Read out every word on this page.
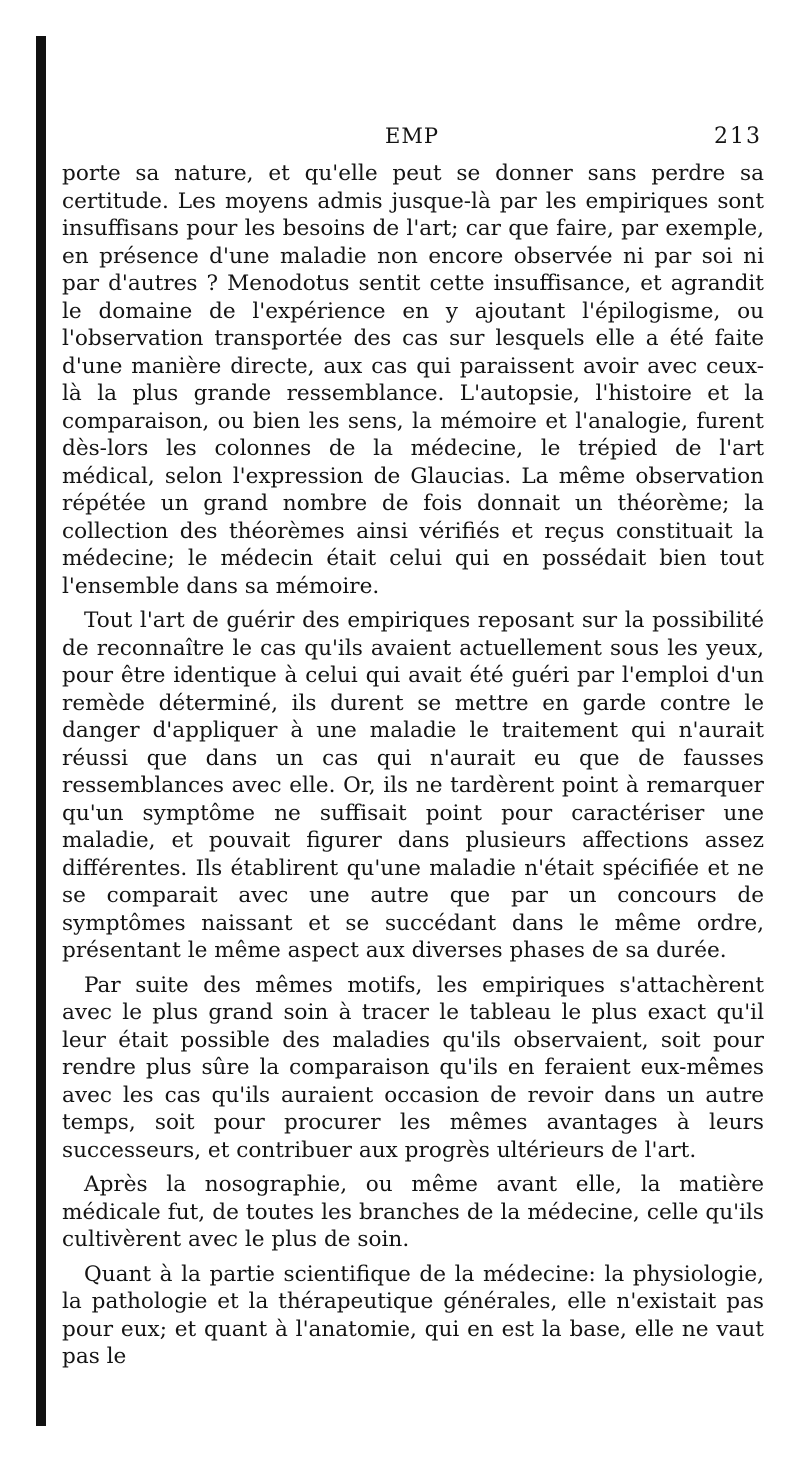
EMP	213

porte sa nature, et qu'elle peut se donner sans perdre sa certitude. Les moyens admis jusque-là par les empiriques sont insuffisans pour les besoins de l'art; car que faire, par exemple, en présence d'une maladie non encore observée ni par soi ni par d'autres ? Menodotus sentit cette insuffisance, et agrandit le domaine de l'expérience en y ajoutant l'épilogisme, ou l'observation transportée des cas sur lesquels elle a été faite d'une manière directe, aux cas qui paraissent avoir avec ceux-là la plus grande ressemblance. L'autopsie, l'histoire et la comparaison, ou bien les sens, la mémoire et l'analogie, furent dès-lors les colonnes de la médecine, le trépied de l'art médical, selon l'expression de Glaucias. La même observation répétée un grand nombre de fois donnait un théorème; la collection des théorèmes ainsi vérifiés et reçus constituait la médecine; le médecin était celui qui en possédait bien tout l'ensemble dans sa mémoire.

Tout l'art de guérir des empiriques reposant sur la possibilité de reconnaître le cas qu'ils avaient actuellement sous les yeux, pour être identique à celui qui avait été guéri par l'emploi d'un remède déterminé, ils durent se mettre en garde contre le danger d'appliquer à une maladie le traitement qui n'aurait réussi que dans un cas qui n'aurait eu que de fausses ressemblances avec elle. Or, ils ne tardèrent point à remarquer qu'un symptôme ne suffisait point pour caractériser une maladie, et pouvait figurer dans plusieurs affections assez différentes. Ils établirent qu'une maladie n'était spécifiée et ne se comparait avec une autre que par un concours de symptômes naissant et se succédant dans le même ordre, présentant le même aspect aux diverses phases de sa durée.

Par suite des mêmes motifs, les empiriques s'attachèrent avec le plus grand soin à tracer le tableau le plus exact qu'il leur était possible des maladies qu'ils observaient, soit pour rendre plus sûre la comparaison qu'ils en feraient eux-mêmes avec les cas qu'ils auraient occasion de revoir dans un autre temps, soit pour procurer les mêmes avantages à leurs successeurs, et contribuer aux progrès ultérieurs de l'art.

Après la nosographie, ou même avant elle, la matière médicale fut, de toutes les branches de la médecine, celle qu'ils cultivèrent avec le plus de soin.

Quant à la partie scientifique de la médecine: la physiologie, la pathologie et la thérapeutique générales, elle n'existait pas pour eux; et quant à l'anatomie, qui en est la base, elle ne vaut pas le
